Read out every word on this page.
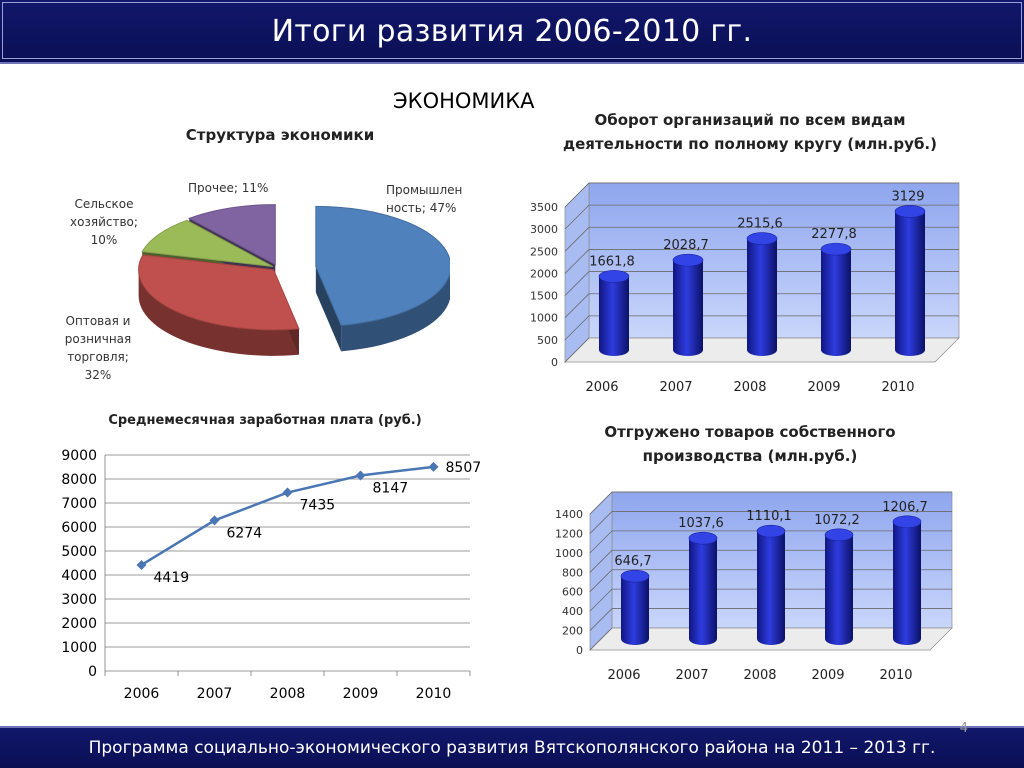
Итоги развития 2006-2010 гг.
ЭКОНОМИКА
Структура экономики
Промышлен
ность; 47%
Прочее; 11%
Сельское
хозяйство;
10%
Оптовая и
розничная
торговля;
32%
Оборот организаций по всем видам
деятельности по полному кругу (млн.руб.)
0
500
1000
1500
2000
2500
3000
3500
1661,8
2006
2028,7
2007
2515,6
2008
2277,8
2009
3129
2010
Среднемесячная заработная плата (руб.)
0
1000
2000
3000
4000
5000
6000
7000
8000
9000
4419
2006
6274
2007
7435
2008
8147
2009
8507
2010
Отгружено товаров собственного
производства (млн.руб.)
0
200
400
600
800
1000
1200
1400
646,7
2006
1037,6
2007
1110,1
2008
1072,2
2009
1206,7
2010
Программа социально-экономического развития Вятскополянского района на 2011 – 2013 гг.
4
